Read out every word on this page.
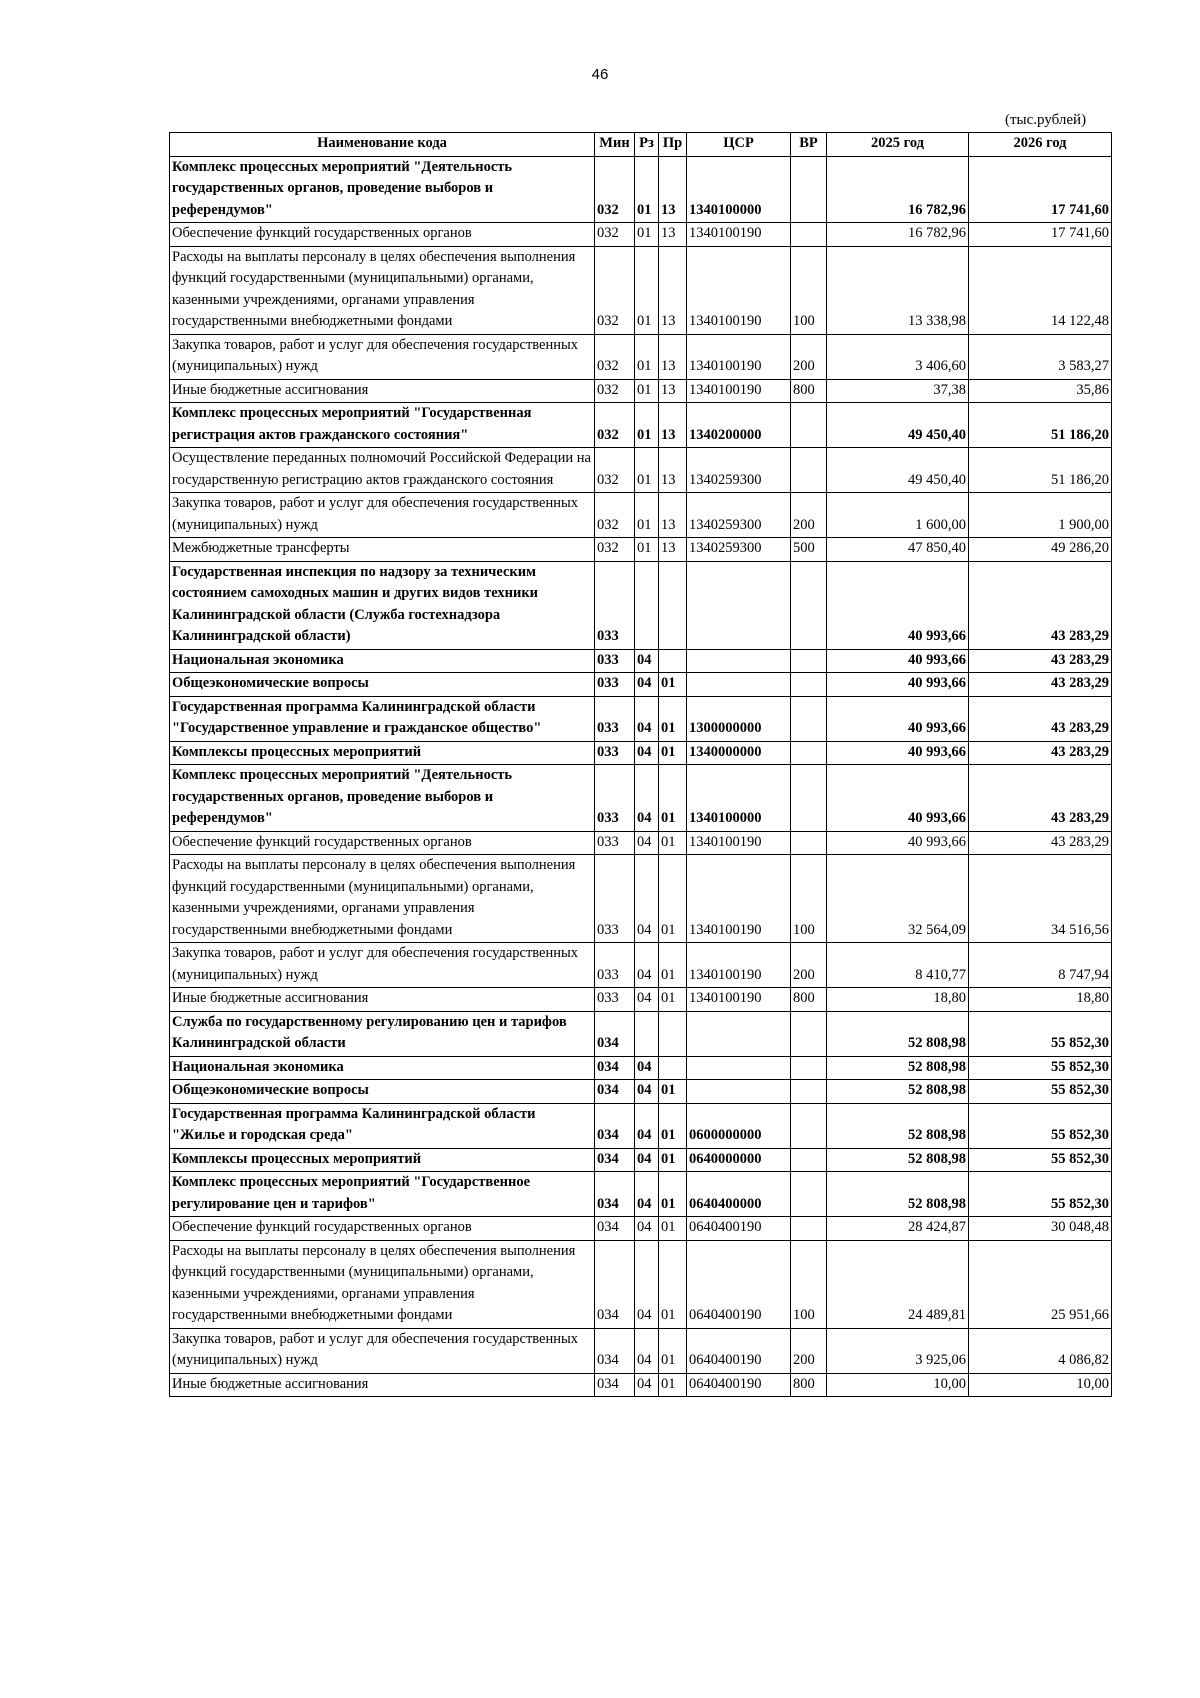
46
(тыс.рублей)
Наименование кода	Мин	Рз	Пр	ЦСР	ВР	2025 год	2026 год
Комплекс процессных мероприятий "Деятельность государственных органов, проведение выборов и референдумов"	032	01	13	1340100000		16 782,96	17 741,60
Обеспечение функций государственных органов	032	01	13	1340100190		16 782,96	17 741,60
Расходы на выплаты персоналу в целях обеспечения выполнения функций государственными (муниципальными) органами, казенными учреждениями, органами управления государственными внебюджетными фондами	032	01	13	1340100190	100	13 338,98	14 122,48
Закупка товаров, работ и услуг для обеспечения государственных (муниципальных) нужд	032	01	13	1340100190	200	3 406,60	3 583,27
Иные бюджетные ассигнования	032	01	13	1340100190	800	37,38	35,86
Комплекс процессных мероприятий "Государственная регистрация актов гражданского состояния"	032	01	13	1340200000		49 450,40	51 186,20
Осуществление переданных полномочий Российской Федерации на государственную регистрацию актов гражданского состояния	032	01	13	1340259300		49 450,40	51 186,20
Закупка товаров, работ и услуг для обеспечения государственных (муниципальных) нужд	032	01	13	1340259300	200	1 600,00	1 900,00
Межбюджетные трансферты	032	01	13	1340259300	500	47 850,40	49 286,20
Государственная инспекция по надзору за техническим состоянием самоходных машин и других видов техники Калининградской области (Служба гостехнадзора Калининградской области)	033					40 993,66	43 283,29
Национальная экономика	033	04				40 993,66	43 283,29
Общеэкономические вопросы	033	04	01			40 993,66	43 283,29
Государственная программа Калининградской области "Государственное управление и гражданское общество"	033	04	01	1300000000		40 993,66	43 283,29
Комплексы процессных мероприятий	033	04	01	1340000000		40 993,66	43 283,29
Комплекс процессных мероприятий "Деятельность государственных органов, проведение выборов и референдумов"	033	04	01	1340100000		40 993,66	43 283,29
Обеспечение функций государственных органов	033	04	01	1340100190		40 993,66	43 283,29
Расходы на выплаты персоналу в целях обеспечения выполнения функций государственными (муниципальными) органами, казенными учреждениями, органами управления государственными внебюджетными фондами	033	04	01	1340100190	100	32 564,09	34 516,56
Закупка товаров, работ и услуг для обеспечения государственных (муниципальных) нужд	033	04	01	1340100190	200	8 410,77	8 747,94
Иные бюджетные ассигнования	033	04	01	1340100190	800	18,80	18,80
Служба по государственному регулированию цен и тарифов Калининградской области	034					52 808,98	55 852,30
Национальная экономика	034	04				52 808,98	55 852,30
Общеэкономические вопросы	034	04	01			52 808,98	55 852,30
Государственная программа Калининградской области "Жилье и городская среда"	034	04	01	0600000000		52 808,98	55 852,30
Комплексы процессных мероприятий	034	04	01	0640000000		52 808,98	55 852,30
Комплекс процессных мероприятий "Государственное регулирование цен и тарифов"	034	04	01	0640400000		52 808,98	55 852,30
Обеспечение функций государственных органов	034	04	01	0640400190		28 424,87	30 048,48
Расходы на выплаты персоналу в целях обеспечения выполнения функций государственными (муниципальными) органами, казенными учреждениями, органами управления государственными внебюджетными фондами	034	04	01	0640400190	100	24 489,81	25 951,66
Закупка товаров, работ и услуг для обеспечения государственных (муниципальных) нужд	034	04	01	0640400190	200	3 925,06	4 086,82
Иные бюджетные ассигнования	034	04	01	0640400190	800	10,00	10,00
